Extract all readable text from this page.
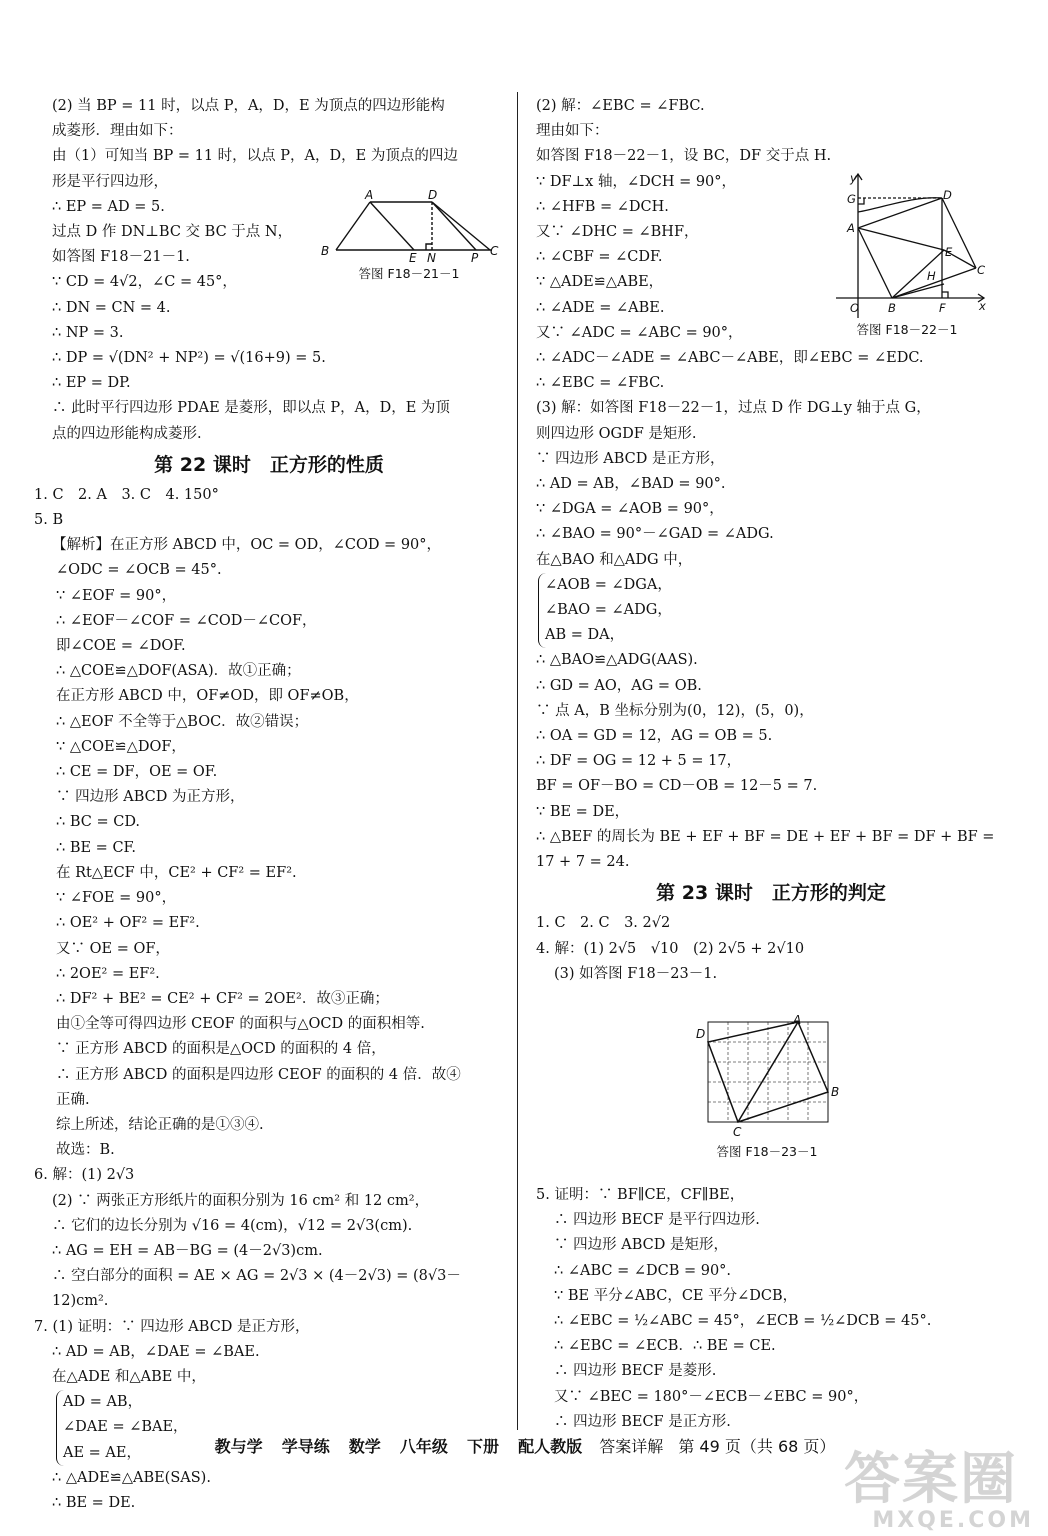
(2) 当 BP = 11 时，以点 P，A，D，E 为顶点的四边形能构
成菱形．理由如下：
由（1）可知当 BP = 11 时，以点 P，A，D，E 为顶点的四边
形是平行四边形，
∴ EP = AD = 5.
过点 D 作 DN⊥BC 交 BC 于点 N，
如答图 F18－21－1.
∵ CD = 4√2，∠C = 45°，
∴ DN = CN = 4.
∴ NP = 3.
∴ DP = √(DN² + NP²) = √(16+9) = 5.
∴ EP = DP.
∴ 此时平行四边形 PDAE 是菱形，即以点 P，A，D，E 为顶
点的四边形能构成菱形.
第 22 课时　正方形的性质
1. C　2. A　3. C　4. 150°
5. B
【解析】在正方形 ABCD 中，OC = OD，∠COD = 90°，
∠ODC = ∠OCB = 45°.
∵ ∠EOF = 90°，
∴ ∠EOF－∠COF = ∠COD－∠COF，
即∠COE = ∠DOF.
∴ △COE≌△DOF(ASA)．故①正确；
在正方形 ABCD 中，OF≠OD，即 OF≠OB，
∴ △EOF 不全等于△BOC．故②错误；
∵ △COE≌△DOF，
∴ CE = DF，OE = OF.
∵ 四边形 ABCD 为正方形，
∴ BC = CD.
∴ BE = CF.
在 Rt△ECF 中，CE² + CF² = EF².
∵ ∠FOE = 90°，
∴ OE² + OF² = EF².
又∵ OE = OF，
∴ 2OE² = EF².
∴ DF² + BE² = CE² + CF² = 2OE²．故③正确；
由①全等可得四边形 CEOF 的面积与△OCD 的面积相等.
∵ 正方形 ABCD 的面积是△OCD 的面积的 4 倍，
∴ 正方形 ABCD 的面积是四边形 CEOF 的面积的 4 倍．故④
正确.
综上所述，结论正确的是①③④.
故选：B.
6. 解：(1) 2√3
(2) ∵ 两张正方形纸片的面积分别为 16 cm² 和 12 cm²，
∴ 它们的边长分别为 √16 = 4(cm)，√12 = 2√3(cm).
∴ AG = EH = AB－BG = (4－2√3)cm.
∴ 空白部分的面积 = AE × AG = 2√3 × (4－2√3) = (8√3－
12)cm².
7. (1) 证明：∵ 四边形 ABCD 是正方形，
∴ AD = AB，∠DAE = ∠BAE.
在△ADE 和△ABE 中，
AD = AB，
∠DAE = ∠BAE，
AE = AE，
∴ △ADE≌△ABE(SAS).
∴ BE = DE.
A	D
B	E N	P C
答图 F18－21－1
(2) 解：∠EBC = ∠FBC.
理由如下：
如答图 F18－22－1，设 BC，DF 交于点 H.
∵ DF⊥x 轴，∠DCH = 90°，
∴ ∠HFB = ∠DCH.
又∵ ∠DHC = ∠BHF，
∴ ∠CBF = ∠CDF.
∵ △ADE≌△ABE，
∴ ∠ADE = ∠ABE.
又∵ ∠ADC = ∠ABC = 90°，
∴ ∠ADC－∠ADE = ∠ABC－∠ABE，即∠EBC = ∠EDC.
∴ ∠EBC = ∠FBC.
(3) 解：如答图 F18－22－1，过点 D 作 DG⊥y 轴于点 G，
则四边形 OGDF 是矩形.
∵ 四边形 ABCD 是正方形，
∴ AD = AB，∠BAD = 90°.
∵ ∠DGA = ∠AOB = 90°，
∴ ∠BAO = 90°－∠GAD = ∠ADG.
在△BAO 和△ADG 中，
∠AOB = ∠DGA，
∠BAO = ∠ADG，
AB = DA，
∴ △BAO≌△ADG(AAS).
∴ GD = AO，AG = OB.
∵ 点 A，B 坐标分别为(0，12)，(5，0)，
∴ OA = GD = 12，AG = OB = 5.
∴ DF = OG = 12 + 5 = 17，
BF = OF－BO = CD－OB = 12－5 = 7.
∵ BE = DE，
∴ △BEF 的周长为 BE + EF + BF = DE + EF + BF = DF + BF =
17 + 7 = 24.
第 23 课时　正方形的判定
1. C　2. C　3. 2√2
4. 解：(1) 2√5　√10　(2) 2√5 + 2√10
(3) 如答图 F18－23－1.
5. 证明：∵ BF∥CE，CF∥BE，
∴ 四边形 BECF 是平行四边形.
∵ 四边形 ABCD 是矩形，
∴ ∠ABC = ∠DCB = 90°.
∵ BE 平分∠ABC，CE 平分∠DCB，
∴ ∠EBC = ½∠ABC = 45°，∠ECB = ½∠DCB = 45°.
∴ ∠EBC = ∠ECB．∴ BE = CE.
∴ 四边形 BECF 是菱形.
又∵ ∠BEC = 180°－∠ECB－∠EBC = 90°，
∴ 四边形 BECF 是正方形.
y
G	D
A
E
H	C
O	B	F	x
答图 F18－22－1
A
D
B
C
答图 F18－23－1
教与学 学导练 数学 八年级 下册 配人教版 答案详解 第 49 页（共 68 页）
答案圈
MXQE.COM
